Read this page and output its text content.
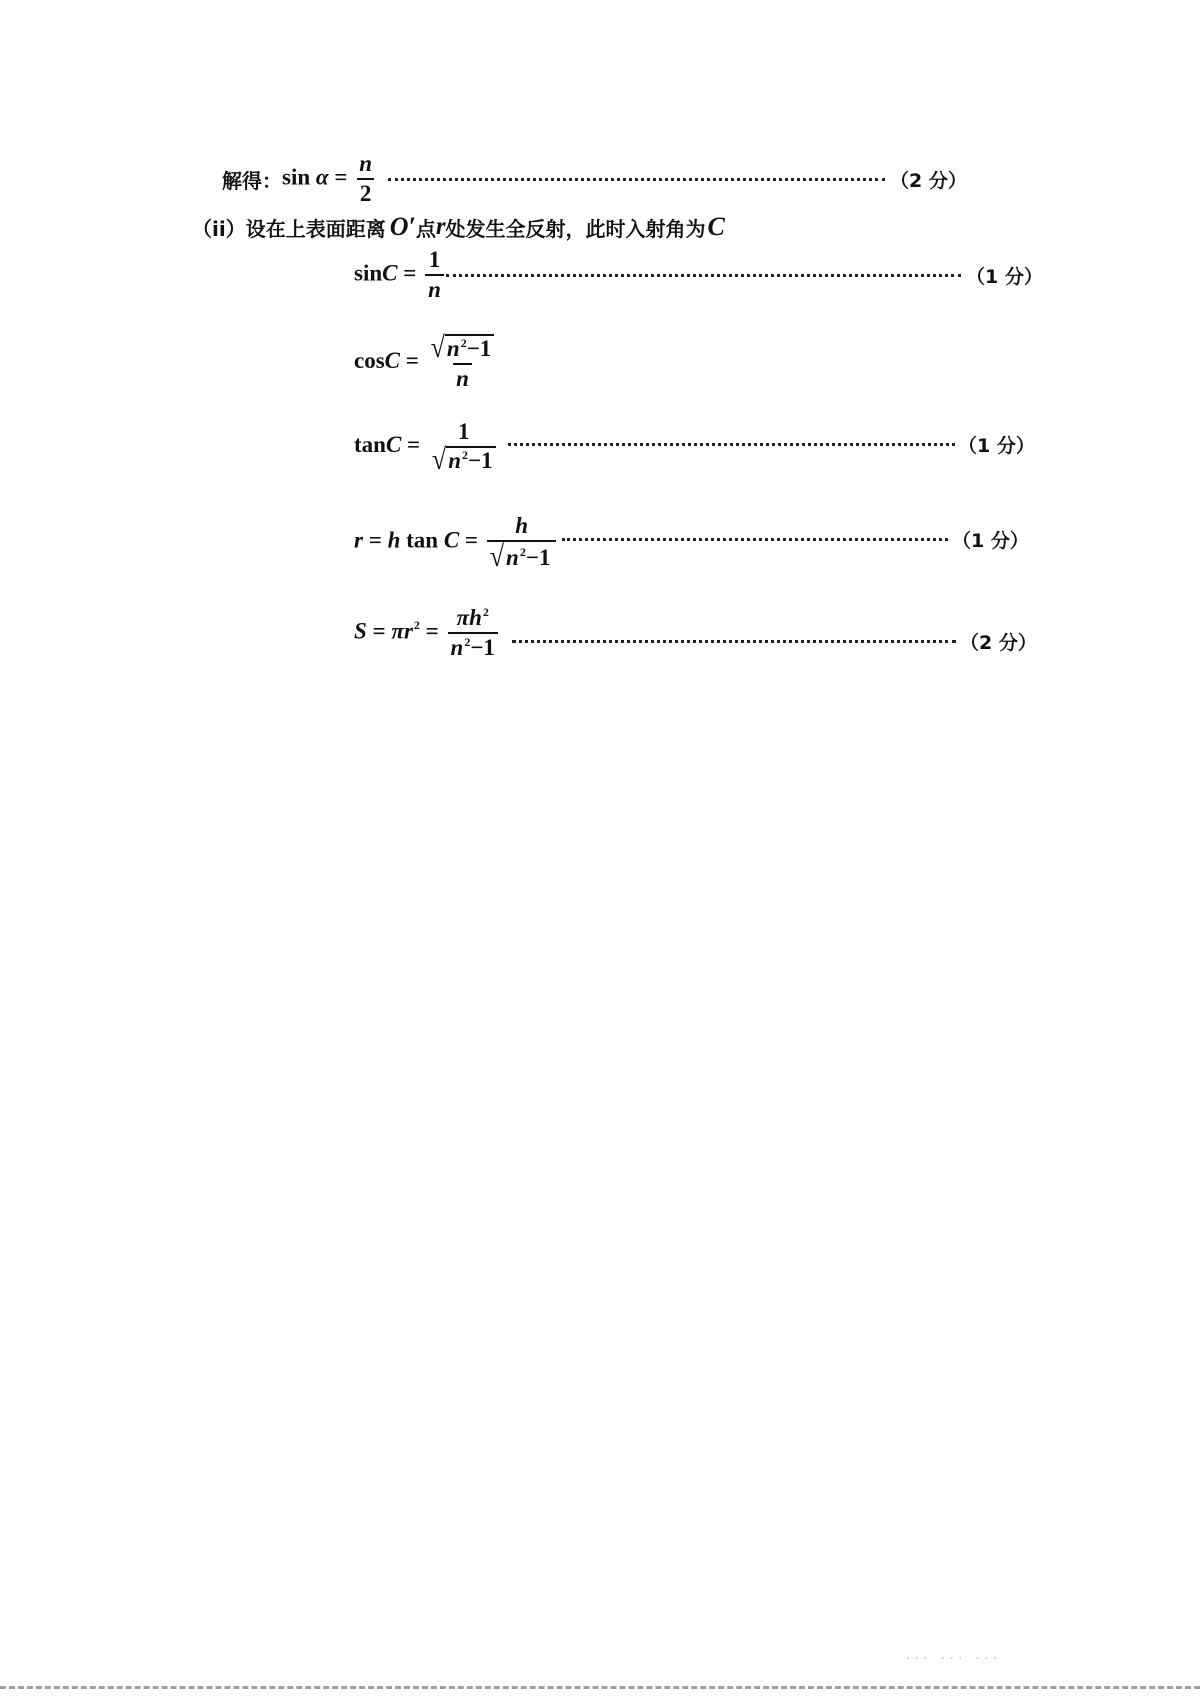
解得： $\sin \alpha = \frac{n}{2}$	（2 分）
（ⅰⅰ）设在上表面距离 O′ 点 r 处发生全反射，此时入射角为 C
$\sin C = \frac{1}{n}$	（1 分）
$\cos C = \frac{√ n^2-1}{n}$
tanC =
1
√ $n^2-1$
（1 分）
r = h $\tan C = \frac{h}{√ n^2-1}$	（1 分）
$S = \pi r^2 = \frac{\pi h^2}{n^2-1}$	（2 分）
··· ··· ···
